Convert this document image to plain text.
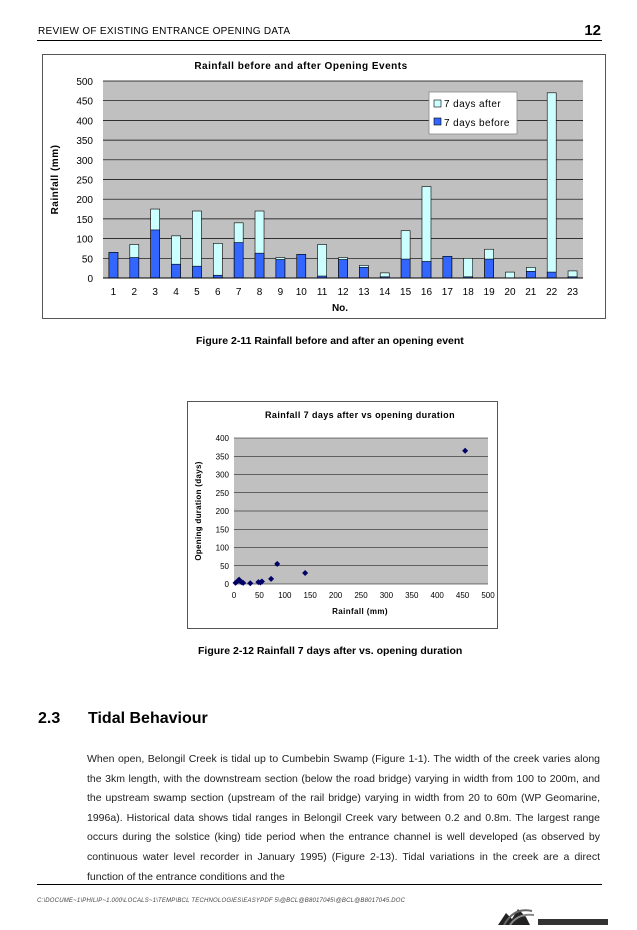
REVIEW OF EXISTING ENTRANCE OPENING DATA	12
Rainfall before and after Opening Events
0
50
100
150
200
250
300
350
400
450
500
Rainfall (mm)
1 2 3 4 5 6 7 8 9 10 11 12 13 14 15 16 17 18 19 20 21 22 23
No.
7 days after
7 days before
Figure 2-11 Rainfall before and after an opening event
Rainfall 7 days after vs opening duration
0
50
100
150
200
250
300
350
400
0 50 100 150 200 250 300 350 400 450 500
Opening duration (days)
Rainfall (mm)
Figure 2-12 Rainfall 7 days after vs. opening duration
2.3 Tidal Behaviour
When open, Belongil Creek is tidal up to Cumbebin Swamp (Figure 1-1). The width of the creek varies along the 3km length, with the downstream section (below the road bridge) varying in width from 100 to 200m, and the upstream swamp section (upstream of the rail bridge) varying in width from 20 to 60m (WP Geomarine, 1996a). Historical data shows tidal ranges in Belongil Creek vary between 0.2 and 0.8m. The largest range occurs during the solstice (king) tide period when the entrance channel is well developed (as observed by continuous water level recorder in January 1995) (Figure 2-13). Tidal variations in the creek are a direct function of the entrance conditions and the
C:\DOCUME~1\PHILIP~1.000\LOCALS~1\TEMP\BCL TECHNOLOGIES\EASYPDF 5\@BCL@B8017045\@BCL@B8017045.DOC
